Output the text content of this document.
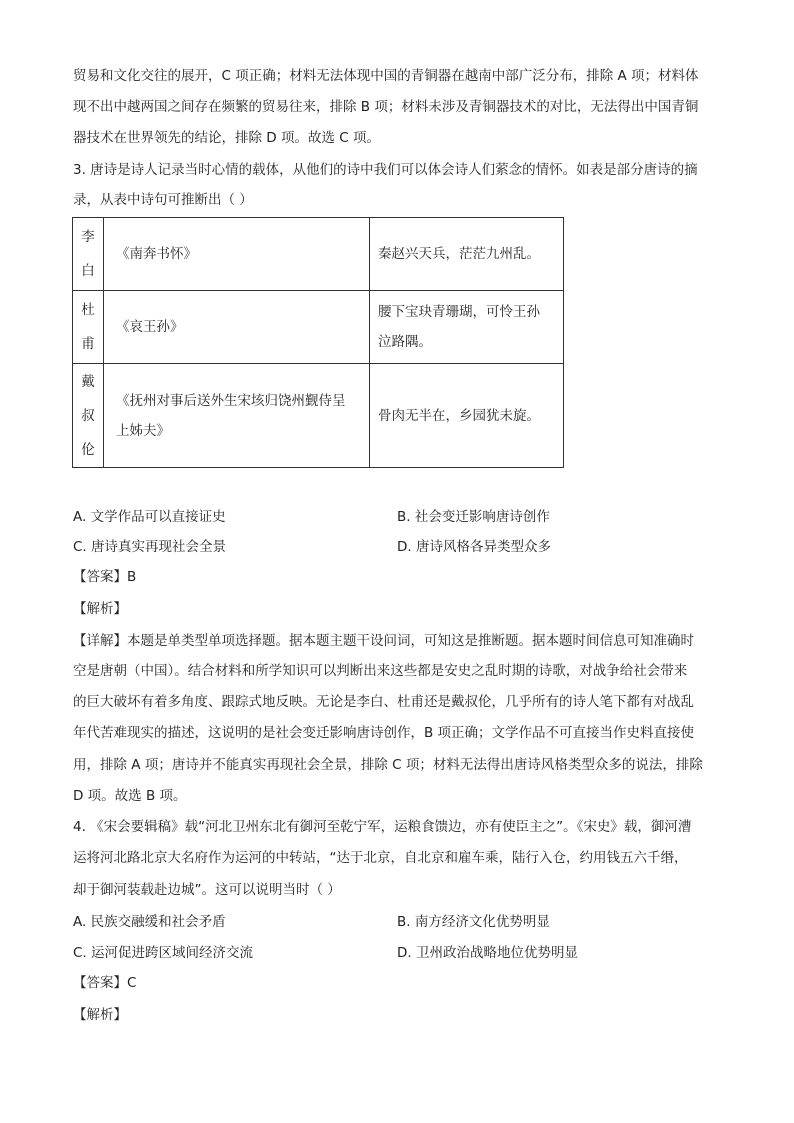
贸易和文化交往的展开，C 项正确；材料无法体现中国的青铜器在越南中部广泛分布，排除 A 项；材料体
现不出中越两国之间存在频繁的贸易往来，排除 B 项；材料未涉及青铜器技术的对比，无法得出中国青铜
器技术在世界领先的结论，排除 D 项。故选 C 项。
3. 唐诗是诗人记录当时心情的载体，从他们的诗中我们可以体会诗人们萦念的情怀。如表是部分唐诗的摘
录，从表中诗句可推断出（ ）
李
白	《南奔书怀》	秦赵兴天兵，茫茫九州乱。

杜
甫	《哀王孙》	腰下宝玦青珊瑚，可怜王孙
泣路隅。

戴
叔
伦	《抚州对事后送外生宋垓归饶州觐侍呈
上姊夫》	骨肉无半在，乡园犹未旋。
A. 文学作品可以直接证史	B. 社会变迁影响唐诗创作
C. 唐诗真实再现社会全景	D. 唐诗风格各异类型众多
【答案】B
【解析】
【详解】本题是单类型单项选择题。据本题主题干设问词，可知这是推断题。据本题时间信息可知准确时
空是唐朝（中国）。结合材料和所学知识可以判断出来这些都是安史之乱时期的诗歌，对战争给社会带来
的巨大破坏有着多角度、跟踪式地反映。无论是李白、杜甫还是戴叔伦，几乎所有的诗人笔下都有对战乱
年代苦难现实的描述，这说明的是社会变迁影响唐诗创作，B 项正确；文学作品不可直接当作史料直接使
用，排除 A 项；唐诗并不能真实再现社会全景，排除 C 项；材料无法得出唐诗风格类型众多的说法，排除
D 项。故选 B 项。
4. 《宋会要辑稿》载“河北卫州东北有御河至乾宁军，运粮食馈边，亦有使臣主之”。《宋史》载，御河漕
运将河北路北京大名府作为运河的中转站，“达于北京，自北京和雇车乘，陆行入仓，约用钱五六千缗，
却于御河装载赴边城”。这可以说明当时（ ）
A. 民族交融缓和社会矛盾	B. 南方经济文化优势明显
C. 运河促进跨区域间经济交流	D. 卫州政治战略地位优势明显
【答案】C
【解析】
